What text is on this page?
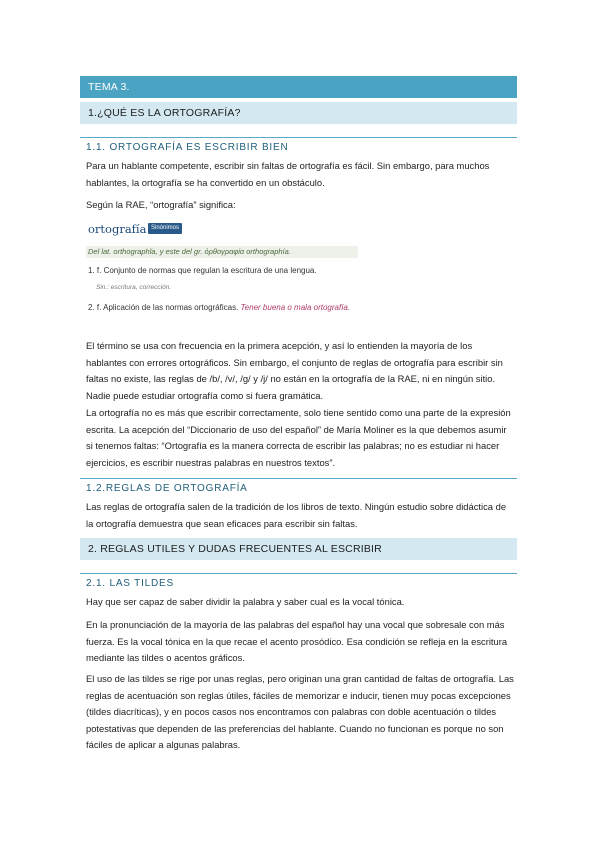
TEMA 3.
1.¿QUÉ ES LA ORTOGRAFÍA?
1.1. ORTOGRAFÍA ES ESCRIBIR BIEN
Para un hablante competente, escribir sin faltas de ortografía es fácil. Sin embargo, para muchos hablantes, la ortografía se ha convertido en un obstáculo.
Según la RAE, “ortografía” significa:
ortografía Sinónimos
Del lat. orthographĭa, y este del gr. ὀρθογραφία orthographía.
1. f. Conjunto de normas que regulan la escritura de una lengua.
Sin.: escritura, corrección.
2. f. Aplicación de las normas ortográficas. Tener buena o mala ortografía.
El término se usa con frecuencia en la primera acepción, y así lo entienden la mayoría de los hablantes con errores ortográficos. Sin embargo, el conjunto de reglas de ortografía para escribir sin faltas no existe, las reglas de /b/, /v/, /g/ y /j/ no están en la ortografía de la RAE, ni en ningún sitio. Nadie puede estudiar ortografía como si fuera gramática.
La ortografía no es más que escribir correctamente, solo tiene sentido como una parte de la expresión escrita. La acepción del “Diccionario de uso del español” de María Moliner es la que debemos asumir si tenemos faltas: “Ortografía es la manera correcta de escribir las palabras; no es estudiar ni hacer ejercicios, es escribir nuestras palabras en nuestros textos”.
1.2.REGLAS DE ORTOGRAFÍA
Las reglas de ortografía salen de la tradición de los libros de texto. Ningún estudio sobre didáctica de la ortografía demuestra que sean eficaces para escribir sin faltas.
2. REGLAS UTILES Y DUDAS FRECUENTES AL ESCRIBIR
2.1. LAS TILDES
Hay que ser capaz de saber dividir la palabra y saber cual es la vocal tónica.
En la pronunciación de la mayoría de las palabras del español hay una vocal que sobresale con más fuerza. Es la vocal tónica en la que recae el acento prosódico. Esa condición se refleja en la escritura mediante las tildes o acentos gráficos.
El uso de las tildes se rige por unas reglas, pero originan una gran cantidad de faltas de ortografía. Las reglas de acentuación son reglas útiles, fáciles de memorizar e inducir, tienen muy pocas excepciones (tildes diacríticas), y en pocos casos nos encontramos con palabras con doble acentuación o tildes potestativas que dependen de las preferencias del hablante. Cuando no funcionan es porque no son fáciles de aplicar a algunas palabras.
